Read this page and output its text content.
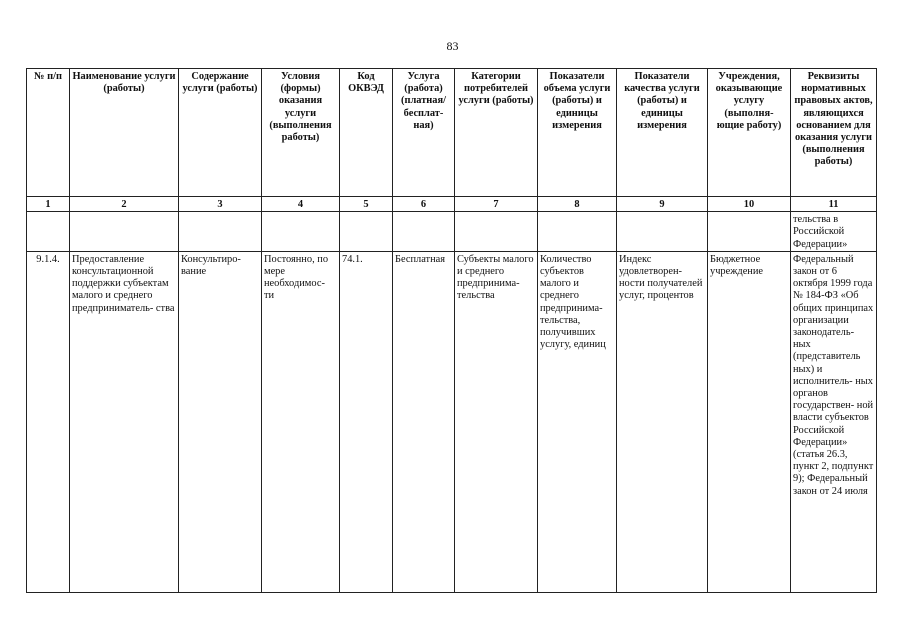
83
№ п/п	Наименование услуги (работы)	Содержание услуги (работы)	Условия (формы) оказания услуги (выполнения работы)	Код ОКВЭД	Услуга (работа) (платная/ бесплат- ная)	Категории потребителей услуги (работы)	Показатели объема услуги (работы) и единицы измерения	Показатели качества услуги (работы) и единицы измерения	Учреждения, оказывающие услугу (выполня- ющие работу)	Реквизиты нормативных правовых актов, являющихся основанием для оказания услуги (выполнения работы)
1	2	3	4	5	6	7	8	9	10	11
										тельства в Российской Федерации»
9.1.4.	Предоставление консультационной поддержки субъектам малого и среднего предприниматель- ства	Консультиро- вание	Постоянно, по мере необходимос- ти	74.1.	Бесплатная	Субъекты малого и среднего предпринима- тельства	Количество субъектов малого и среднего предпринима- тельства, получивших услугу, единиц	Индекс удовлетворен- ности получателей услуг, процентов	Бюджетное учреждение	Федеральный закон от 6 октября 1999 года № 184-ФЗ «Об общих принципах организации законодатель- ных (представитель ных) и исполнитель- ных органов государствен- ной власти субъектов Российской Федерации» (статья 26.3, пункт 2, подпункт 9); Федеральный закон от 24 июля
